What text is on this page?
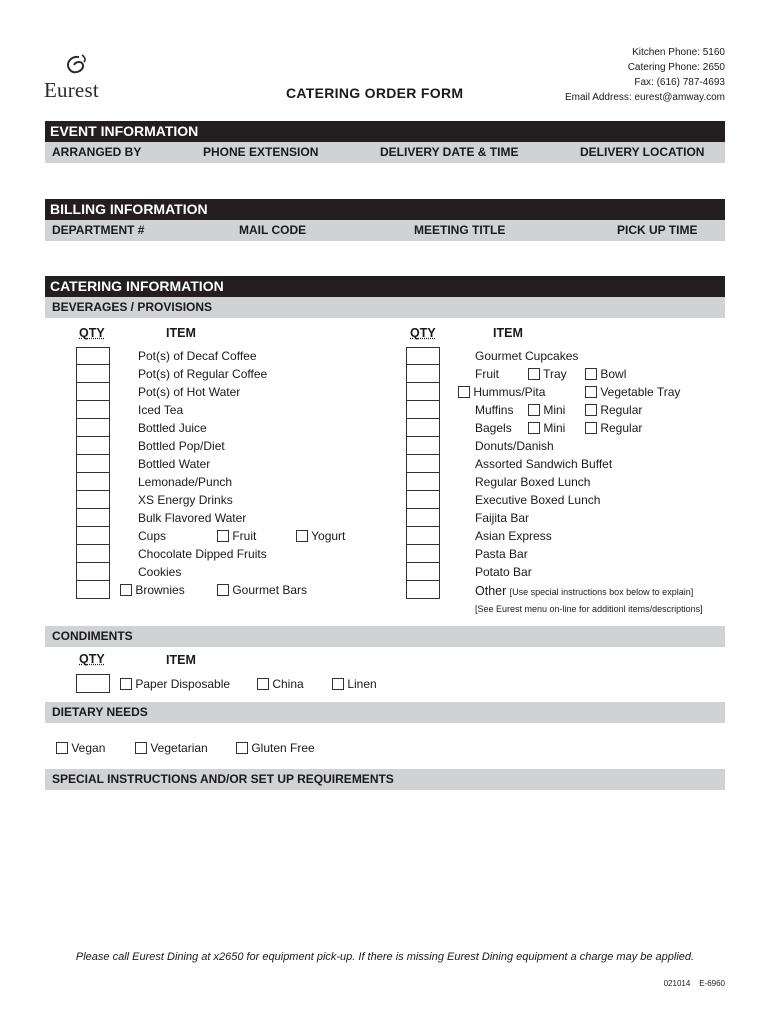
Eurest	CATERING ORDER FORM
Kitchen Phone: 5160
Catering Phone: 2650
Fax: (616) 787-4693
Email Address: eurest@amway.com
EVENT INFORMATION
ARRANGED BY	PHONE EXTENSION	DELIVERY DATE & TIME	DELIVERY LOCATION
BILLING INFORMATION
DEPARTMENT #	MAIL CODE	MEETING TITLE	PICK UP TIME
CATERING INFORMATION
BEVERAGES / PROVISIONS
QTY	ITEM	QTY	ITEM
Pot(s) of Decaf Coffee
Pot(s) of Regular Coffee
Pot(s) of Hot Water
Iced Tea
Bottled Juice
Bottled Pop/Diet
Bottled Water
Lemonade/Punch
XS Energy Drinks
Bulk Flavored Water
Cups	Fruit	Yogurt
Chocolate Dipped Fruits
Cookies
Brownies	Gourmet Bars
Gourmet Cupcakes
Fruit	Tray	Bowl
Hummus/Pita	Vegetable Tray
Muffins	Mini	Regular
Bagels	Mini	Regular
Donuts/Danish
Assorted Sandwich Buffet
Regular Boxed Lunch
Executive Boxed Lunch
Faijita Bar
Asian Express
Pasta Bar
Potato Bar
Other [Use special instructions box below to explain]
[See Eurest menu on-line for additionl items/descriptions]
CONDIMENTS
QTY	ITEM
Paper Disposable	China	Linen
DIETARY NEEDS
Vegan	Vegetarian	Gluten Free
SPECIAL INSTRUCTIONS AND/OR SET UP REQUIREMENTS
Please call Eurest Dining at x2650 for equipment pick-up. If there is missing Eurest Dining equipment a charge may be applied.
021014 E-6960
